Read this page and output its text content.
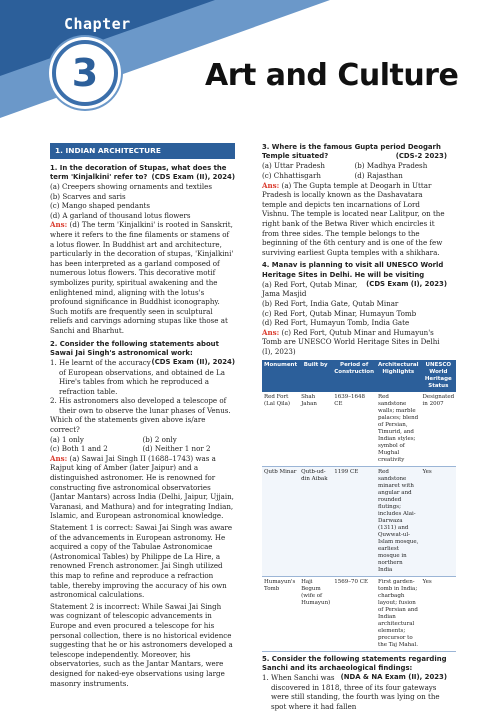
Chapter
3	Art and Culture
1. INDIAN ARCHITECTURE
1. In the decoration of Stupas, what does the term 'Kinjalkini' refer to? (CDS Exam (II), 2024)
(a) Creepers showing ornaments and textiles
(b) Scarves and saris
(c) Mango shaped pendants
(d) A garland of thousand lotus flowers

Ans: (d) The term 'Kinjalkini' is rooted in Sanskrit, where it refers to the fine filaments or stamens of a lotus flower. In Buddhist art and architecture, particularly in the decoration of stupas, 'Kinjalkini' has been interpreted as a garland composed of numerous lotus flowers. This decorative motif symbolizes purity, spiritual awakening and the enlightened mind, aligning with the lotus's profound significance in Buddhist iconography. Such motifs are frequently seen in sculptural reliefs and carvings adorning stupas like those at Sanchi and Bharhut.

2. Consider the following statements about Sawai Jai Singh's astronomical work:
(CDS Exam (II), 2024)
1. He learnt of the accuracy of European observations, and obtained de La Hire's tables from which he reproduced a refraction table.
2. His astronomers also developed a telescope of their own to observe the lunar phases of Venus.
Which of the statements given above is/are correct?
(a) 1 only	(b) 2 only
(c) Both 1 and 2	(d) Neither 1 nor 2

Ans: (a) Sawai Jai Singh II (1688–1743) was a Rajput king of Amber (later Jaipur) and a distinguished astronomer. He is renowned for constructing five astronomical observatories (Jantar Mantars) across India (Delhi, Jaipur, Ujjain, Varanasi, and Mathura) and for integrating Indian, Islamic, and European astronomical knowledge.

Statement 1 is correct: Sawai Jai Singh was aware of the advancements in European astronomy. He acquired a copy of the Tabulae Astronomicae (Astronomical Tables) by Philippe de La Hire, a renowned French astronomer. Jai Singh utilized this map to refine and reproduce a refraction table, thereby improving the accuracy of his own astronomical calculations.

Statement 2 is incorrect: While Sawai Jai Singh was cognizant of telescopic advancements in Europe and even procured a telescope for his personal collection, there is no historical evidence suggesting that he or his astronomers developed a telescope independently. Moreover, his observatories, such as the Jantar Mantars, were designed for naked-eye observations using large masonry instruments.

3. Where is the famous Gupta period Deogarh Temple situated?	(CDS-2 2023)
(a) Uttar Pradesh	(b) Madhya Pradesh
(c) Chhattisgarh	(d) Rajasthan

Ans: (a) The Gupta temple at Deogarh in Uttar Pradesh is locally known as the Dashavatara temple and depicts ten incarnations of Lord Vishnu. The temple is located near Lalitpur, on the right bank of the Betwa River which encircles it from three sides. The temple belongs to the beginning of the 6th century and is one of the few surviving earliest Gupta temples with a shikhara.

4. Manav is planning to visit all UNESCO World Heritage Sites in Delhi. He will be visiting
(CDS Exam (I), 2023)
(a) Red Fort, Qutab Minar, Jama Masjid
(b) Red Fort, India Gate, Qutab Minar
(c) Red Fort, Qutab Minar, Humayun Tomb
(d) Red Fort, Humayun Tomb, India Gate

Ans: (c) Red Fort, Qutub Minar and Humayun's Tomb are UNESCO World Heritage Sites in Delhi (I), 2023)

Monument	Built by	Period of Construction	Architectural Highlights	UNESCO World Heritage Status
Red Fort (Lal Qila)	Shah Jahan	1639–1648 CE	Red sandstone walls; marble palaces; blend of Persian, Timurid, and Indian styles; symbol of Mughal creativity	Designated in 2007
Qutb Minar	Qutb-ud-din Aibak	1199 CE	Red sandstone minaret with angular and rounded flutings; includes Alai-Darwaza (1311) and Quwwat-ul-Islam mosque, earliest mosque in northern India	Yes
Humayun's Tomb	Haji Begum (wife of Humayun)	1569–70 CE	First garden-tomb in India; charbagh layout; fusion of Persian and Indian architectural elements; precursor to the Taj Mahal.	Yes
5. Consider the following statements regarding Sanchi and its archaeological findings:
(NDA & NA Exam (II), 2023)
1. When Sanchi was discovered in 1818, three of its four gateways were still standing, the fourth was lying on the spot where it had fallen
